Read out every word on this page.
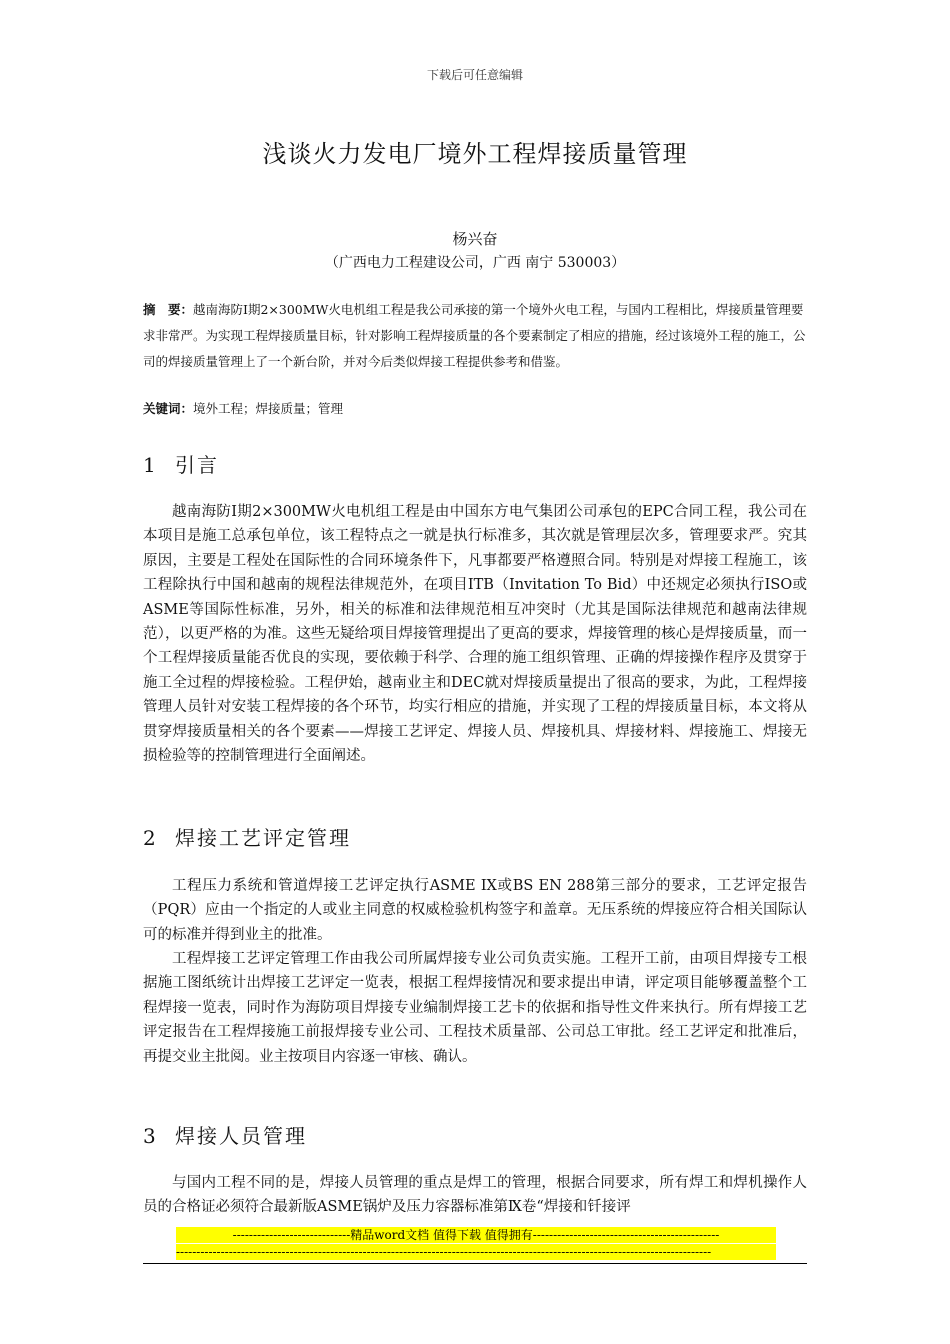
下载后可任意编辑
浅谈火力发电厂境外工程焊接质量管理
杨兴奋
（广西电力工程建设公司，广西 南宁 530003）
摘　要：越南海防Ⅰ期2×300MW火电机组工程是我公司承接的第一个境外火电工程，与国内工程相比，焊接质量管理要求非常严。为实现工程焊接质量目标，针对影响工程焊接质量的各个要素制定了相应的措施，经过该境外工程的施工，公司的焊接质量管理上了一个新台阶，并对今后类似焊接工程提供参考和借鉴。
关键词：境外工程；焊接质量；管理
1 引言
越南海防Ⅰ期2×300MW火电机组工程是由中国东方电气集团公司承包的EPC合同工程，我公司在本项目是施工总承包单位，该工程特点之一就是执行标准多，其次就是管理层次多，管理要求严。究其原因，主要是工程处在国际性的合同环境条件下，凡事都要严格遵照合同。特别是对焊接工程施工，该工程除执行中国和越南的规程法律规范外，在项目ITB（Invitation To Bid）中还规定必须执行ISO或ASME等国际性标准，另外，相关的标准和法律规范相互冲突时（尤其是国际法律规范和越南法律规范），以更严格的为准。这些无疑给项目焊接管理提出了更高的要求，焊接管理的核心是焊接质量，而一个工程焊接质量能否优良的实现，要依赖于科学、合理的施工组织管理、正确的焊接操作程序及贯穿于施工全过程的焊接检验。工程伊始，越南业主和DEC就对焊接质量提出了很高的要求，为此，工程焊接管理人员针对安装工程焊接的各个环节，均实行相应的措施，并实现了工程的焊接质量目标，本文将从贯穿焊接质量相关的各个要素——焊接工艺评定、焊接人员、焊接机具、焊接材料、焊接施工、焊接无损检验等的控制管理进行全面阐述。
2 焊接工艺评定管理
工程压力系统和管道焊接工艺评定执行ASME IX或BS EN 288第三部分的要求，工艺评定报告（PQR）应由一个指定的人或业主同意的权威检验机构签字和盖章。无压系统的焊接应符合相关国际认可的标准并得到业主的批准。
工程焊接工艺评定管理工作由我公司所属焊接专业公司负责实施。工程开工前，由项目焊接专工根据施工图纸统计出焊接工艺评定一览表，根据工程焊接情况和要求提出申请，评定项目能够覆盖整个工程焊接一览表，同时作为海防项目焊接专业编制焊接工艺卡的依据和指导性文件来执行。所有焊接工艺评定报告在工程焊接施工前报焊接专业公司、工程技术质量部、公司总工审批。经工艺评定和批准后，再提交业主批阅。业主按项目内容逐一审核、确认。
3 焊接人员管理
与国内工程不同的是，焊接人员管理的重点是焊工的管理，根据合同要求，所有焊工和焊机操作人员的合格证必须符合最新版ASME锅炉及压力容器标准第Ⅸ卷“焊接和钎接评
-----------------------------精品word文档 值得下载 值得拥有----------------------------------------------
------------------------------------------------------------------------------------------------------------------------------------
